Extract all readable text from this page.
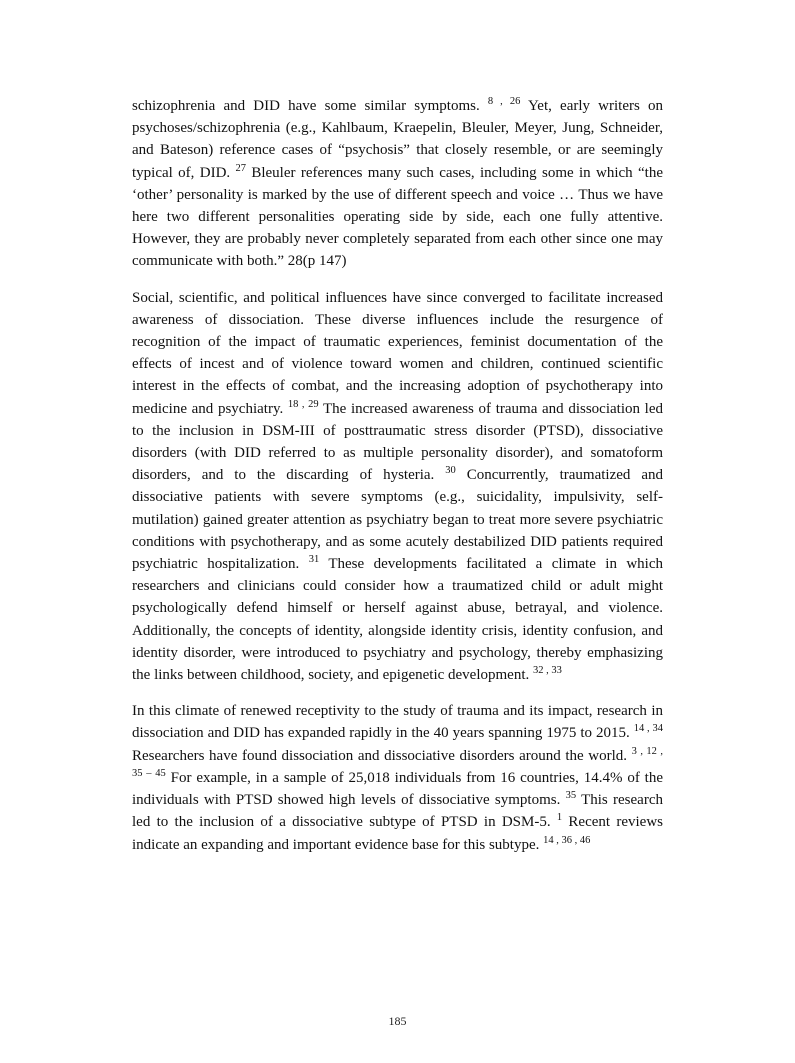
schizophrenia and DID have some similar symptoms. $^{8 , 26}$ Yet, early writers on psychoses/schizophrenia (e.g., Kahlbaum, Kraepelin, Bleuler, Meyer, Jung, Schneider, and Bateson) reference cases of “psychosis” that closely resemble, or are seemingly typical of, DID. $^{27}$ Bleuler references many such cases, including some in which “the ‘other’ personality is marked by the use of different speech and voice … Thus we have here two different personalities operating side by side, each one fully attentive. However, they are probably never completely separated from each other since one may communicate with both.” 28(p 147)

Social, scientific, and political influences have since converged to facilitate increased awareness of dissociation. These diverse influences include the resurgence of recognition of the impact of traumatic experiences, feminist documentation of the effects of incest and of violence toward women and children, continued scientific interest in the effects of combat, and the increasing adoption of psychotherapy into medicine and psychiatry. $^{18 , 29}$ The increased awareness of trauma and dissociation led to the inclusion in DSM-III of posttraumatic stress disorder (PTSD), dissociative disorders (with DID referred to as multiple personality disorder), and somatoform disorders, and to the discarding of hysteria. $^{30}$ Concurrently, traumatized and dissociative patients with severe symptoms (e.g., suicidality, impulsivity, self-mutilation) gained greater attention as psychiatry began to treat more severe psychiatric conditions with psychotherapy, and as some acutely destabilized DID patients required psychiatric hospitalization. $^{31}$ These developments facilitated a climate in which researchers and clinicians could consider how a traumatized child or adult might psychologically defend himself or herself against abuse, betrayal, and violence. Additionally, the concepts of identity, alongside identity crisis, identity confusion, and identity disorder, were introduced to psychiatry and psychology, thereby emphasizing the links between childhood, society, and epigenetic development. $^{32 , 33}$

In this climate of renewed receptivity to the study of trauma and its impact, research in dissociation and DID has expanded rapidly in the 40 years spanning 1975 to 2015. $^{14 , 34}$ Researchers have found dissociation and dissociative disorders around the world. $^{3 , 12 , 35 - 45}$ For example, in a sample of 25,018 individuals from 16 countries, 14.4% of the individuals with PTSD showed high levels of dissociative symptoms. $^{35}$ This research led to the inclusion of a dissociative subtype of PTSD in DSM-5. $^1$ Recent reviews indicate an expanding and important evidence base for this subtype. $^{14 , 36 , 46}$

185
